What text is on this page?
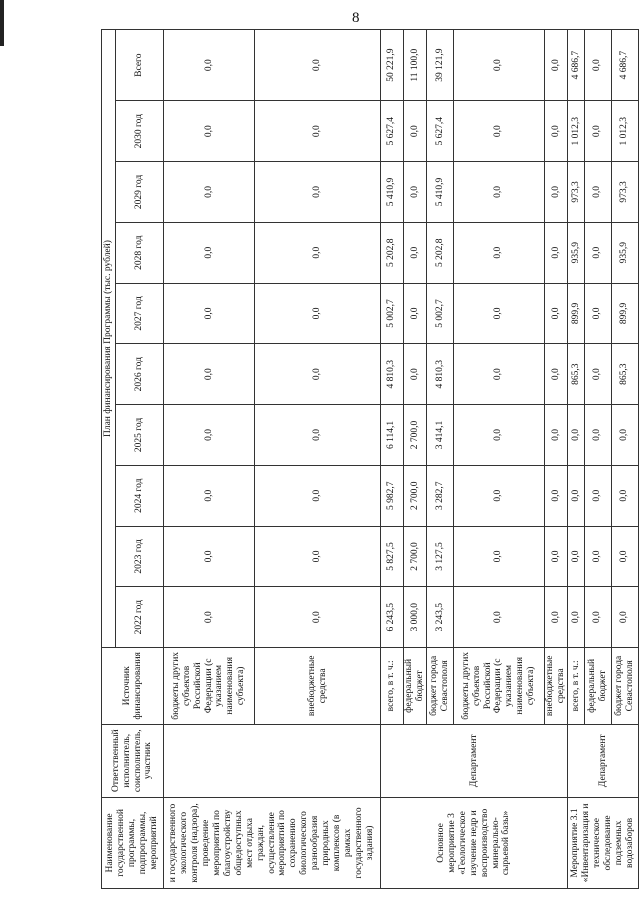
8
Наименование государственной программы, подпрограммы, мероприятий	Ответственный исполнитель, соисполнитель, участник	Источник финансирования	План финансирования Программы (тыс. рублей)									
			2022 год	2023 год	2024 год	2025 год	2026 год	2027 год	2028 год	2029 год	2030 год	Всего
и государственного экологического контроля (надзора), проведение мероприятий по благоустройству общедоступных мест отдыха граждан, осуществление мероприятий по сохранению биологического разнообразия природных комплексов (в рамках государственного задания)		бюджеты других субъектов Российской Федерации (с указанием наименования субъекта)	0,0	0,0	0,0	0,0	0,0	0,0	0,0	0,0	0,0	0,0
		внебюджетные средства	0,0	0,0	0,0	0,0	0,0	0,0	0,0	0,0	0,0	0,0
Основное мероприятие 3 «Геологическое изучение недр и воспроизводство минерально-сырьевой базы»	Департамент	всего, в т. ч.:	6 243,5	5 827,5	5 982,7	6 114,1	4 810,3	5 002,7	5 202,8	5 410,9	5 627,4	50 221,9
		федеральный бюджет	3 000,0	2 700,0	2 700,0	2 700,0	0,0	0,0	0,0	0,0	0,0	11 100,0
		бюджет города Севастополя	3 243,5	3 127,5	3 282,7	3 414,1	4 810,3	5 002,7	5 202,8	5 410,9	5 627,4	39 121,9
		бюджеты других субъектов Российской Федерации (с указанием наименования субъекта)	0,0	0,0	0,0	0,0	0,0	0,0	0,0	0,0	0,0	0,0
		внебюджетные средства	0,0	0,0	0,0	0,0	0,0	0,0	0,0	0,0	0,0	0,0
Мероприятие 3.1 «Инвентаризация и техническое обследование подземных водозаборов	Департамент	всего, в т. ч.:	0,0	0,0	0,0	0,0	865,3	899,9	935,9	973,3	1 012,3	4 686,7
		федеральный бюджет	0,0	0,0	0,0	0,0	0,0	0,0	0,0	0,0	0,0	0,0
		бюджет города Севастополя	0,0	0,0	0,0	0,0	865,3	899,9	935,9	973,3	1 012,3	4 686,7
